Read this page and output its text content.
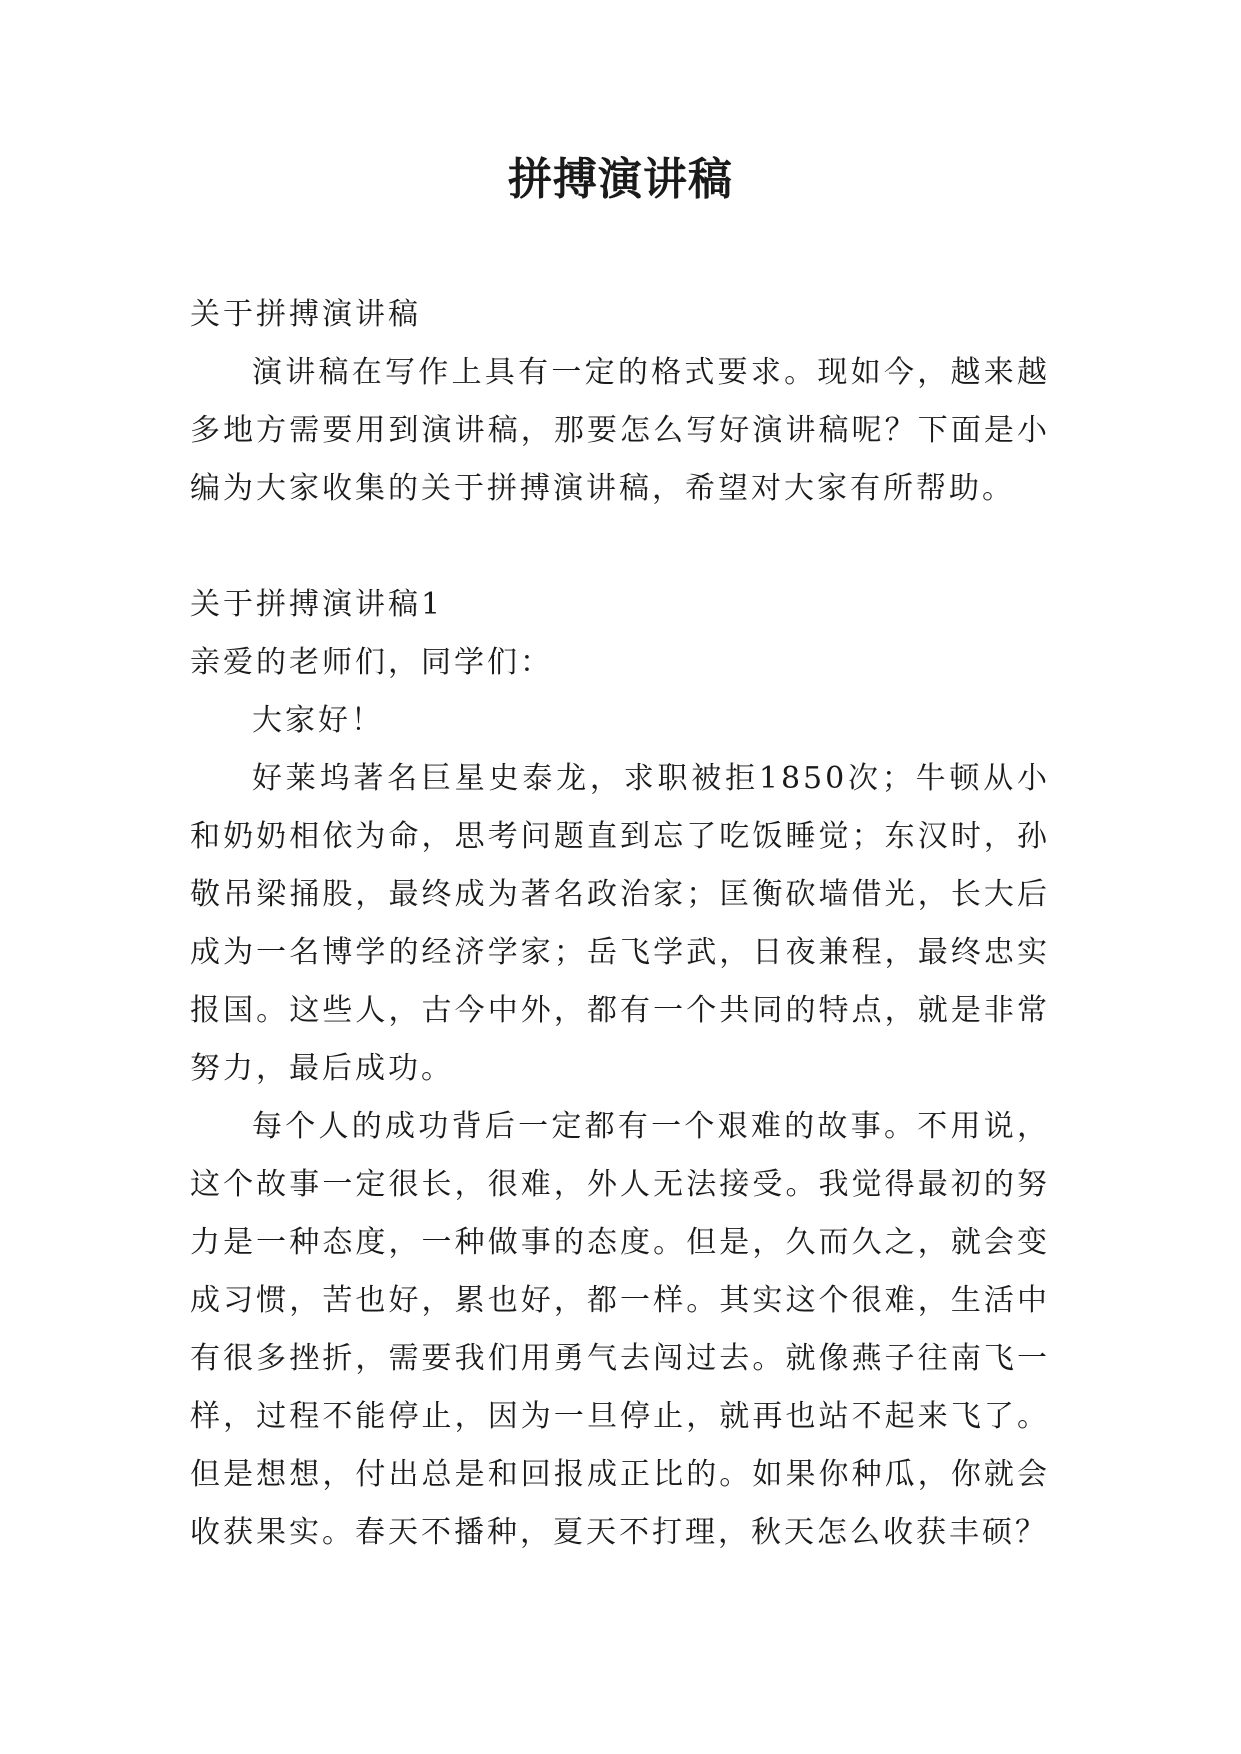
拼搏演讲稿

关于拼搏演讲稿

演讲稿在写作上具有一定的格式要求。现如今，越来越多地方需要用到演讲稿，那要怎么写好演讲稿呢？下面是小编为大家收集的关于拼搏演讲稿，希望对大家有所帮助。

关于拼搏演讲稿1

亲爱的老师们，同学们：

大家好！

好莱坞著名巨星史泰龙，求职被拒1850次；牛顿从小和奶奶相依为命，思考问题直到忘了吃饭睡觉；东汉时，孙敬吊梁捅股，最终成为著名政治家；匡衡砍墙借光，长大后成为一名博学的经济学家；岳飞学武，日夜兼程，最终忠实报国。这些人，古今中外，都有一个共同的特点，就是非常努力，最后成功。

每个人的成功背后一定都有一个艰难的故事。不用说，这个故事一定很长，很难，外人无法接受。我觉得最初的努力是一种态度，一种做事的态度。但是，久而久之，就会变成习惯，苦也好，累也好，都一样。其实这个很难，生活中有很多挫折，需要我们用勇气去闯过去。就像燕子往南飞一样，过程不能停止，因为一旦停止，就再也站不起来飞了。但是想想，付出总是和回报成正比的。如果你种瓜，你就会收获果实。春天不播种，夏天不打理，秋天怎么收获丰硕？
